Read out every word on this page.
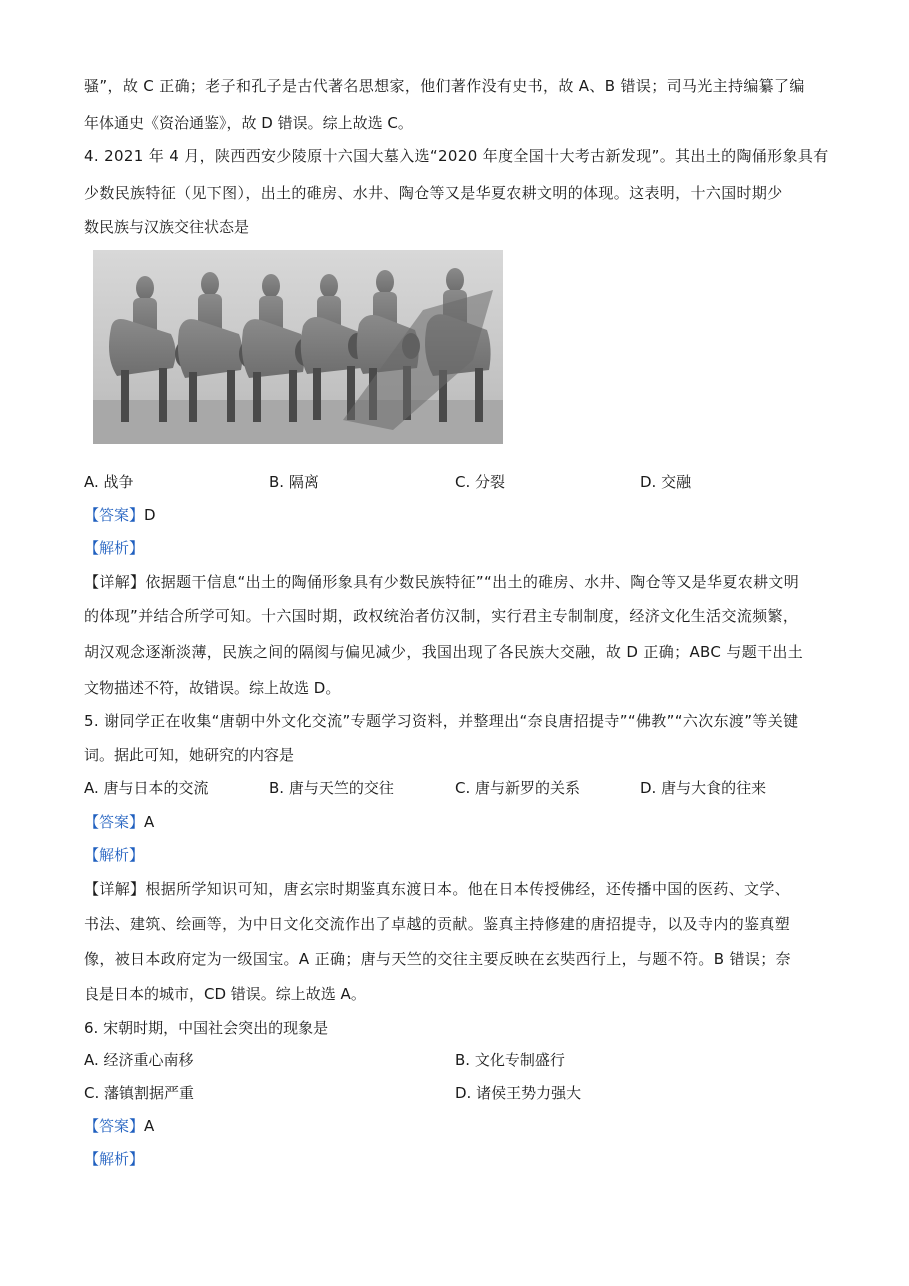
骚”，故 C 正确；老子和孔子是古代著名思想家，他们著作没有史书，故 A、B 错误；司马光主持编纂了编
年体通史《资治通鉴》，故 D 错误。综上故选 C。
4. 2021 年 4 月，陕西西安少陵原十六国大墓入选“2020 年度全国十大考古新发现”。其出土的陶俑形象具有
少数民族特征（见下图），出土的碓房、水井、陶仓等又是华夏农耕文明的体现。这表明，十六国时期少
数民族与汉族交往状态是
A. 战争	B. 隔离	C. 分裂	D. 交融
【答案】D
【解析】
【详解】依据题干信息“出土的陶俑形象具有少数民族特征”“出土的碓房、水井、陶仓等又是华夏农耕文明
的体现”并结合所学可知。十六国时期，政权统治者仿汉制，实行君主专制制度，经济文化生活交流频繁，
胡汉观念逐渐淡薄，民族之间的隔阂与偏见减少，我国出现了各民族大交融，故 D 正确；ABC 与题干出土
文物描述不符，故错误。综上故选 D。
5. 谢同学正在收集“唐朝中外文化交流”专题学习资料，并整理出“奈良唐招提寺”“佛教”“六次东渡”等关键
词。据此可知，她研究的内容是
A. 唐与日本的交流	B. 唐与天竺的交往	C. 唐与新罗的关系	D. 唐与大食的往来
【答案】A
【解析】
【详解】根据所学知识可知，唐玄宗时期鉴真东渡日本。他在日本传授佛经，还传播中国的医药、文学、
书法、建筑、绘画等，为中日文化交流作出了卓越的贡献。鉴真主持修建的唐招提寺，以及寺内的鉴真塑
像，被日本政府定为一级国宝。A 正确；唐与天竺的交往主要反映在玄奘西行上，与题不符。B 错误；奈
良是日本的城市，CD 错误。综上故选 A。
6. 宋朝时期，中国社会突出的现象是
A. 经济重心南移	B. 文化专制盛行
C. 藩镇割据严重	D. 诸侯王势力强大
【答案】A
【解析】
